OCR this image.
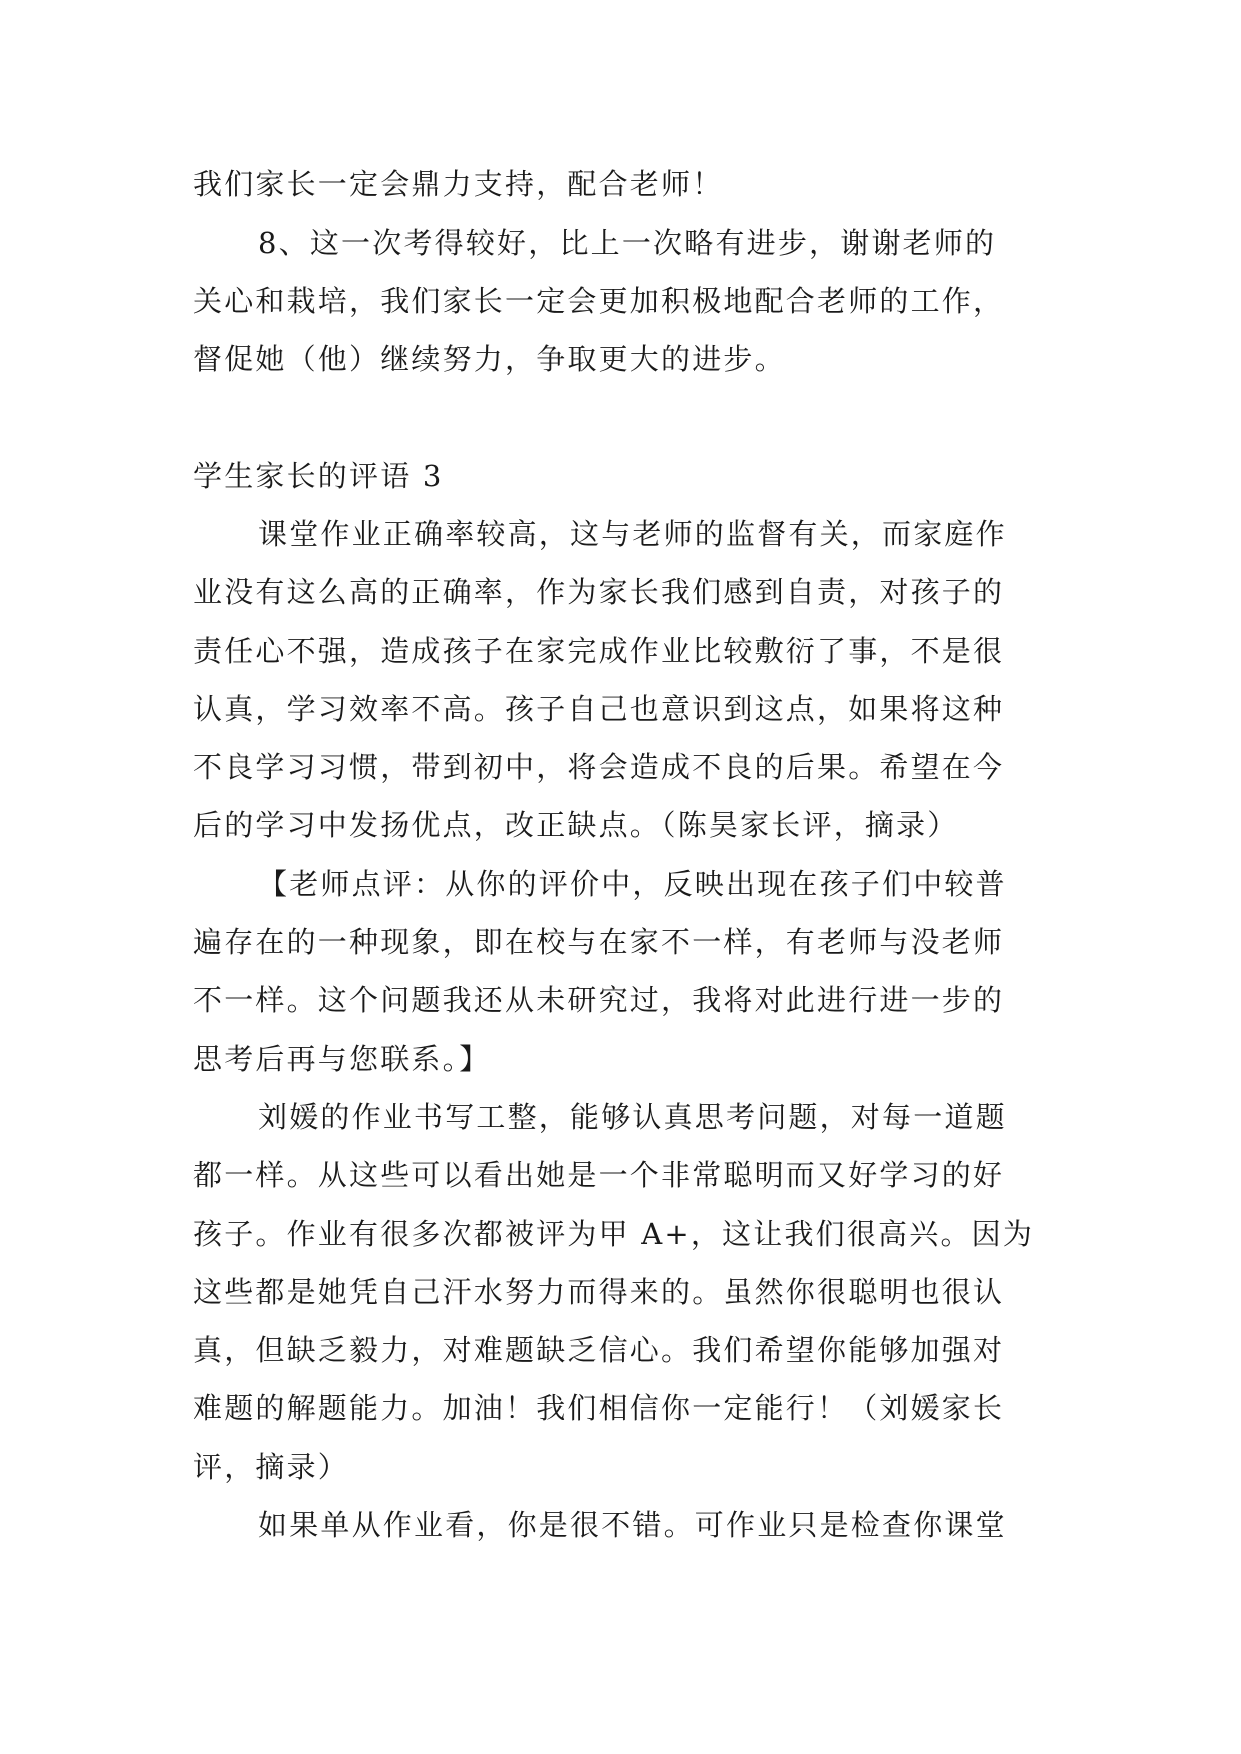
我们家长一定会鼎力支持，配合老师！
8、这一次考得较好，比上一次略有进步，谢谢老师的
关心和栽培，我们家长一定会更加积极地配合老师的工作，
督促她（他）继续努力，争取更大的进步。
学生家长的评语 3
课堂作业正确率较高，这与老师的监督有关，而家庭作
业没有这么高的正确率，作为家长我们感到自责，对孩子的
责任心不强，造成孩子在家完成作业比较敷衍了事，不是很
认真，学习效率不高。孩子自己也意识到这点，如果将这种
不良学习习惯，带到初中，将会造成不良的后果。希望在今
后的学习中发扬优点，改正缺点。（陈昊家长评，摘录）
【老师点评：从你的评价中，反映出现在孩子们中较普
遍存在的一种现象，即在校与在家不一样，有老师与没老师
不一样。这个问题我还从未研究过，我将对此进行进一步的
思考后再与您联系。】
刘媛的作业书写工整，能够认真思考问题，对每一道题
都一样。从这些可以看出她是一个非常聪明而又好学习的好
孩子。作业有很多次都被评为甲 A+，这让我们很高兴。因为
这些都是她凭自己汗水努力而得来的。虽然你很聪明也很认
真，但缺乏毅力，对难题缺乏信心。我们希望你能够加强对
难题的解题能力。加油！我们相信你一定能行！（刘媛家长
评，摘录）
如果单从作业看，你是很不错。可作业只是检查你课堂
